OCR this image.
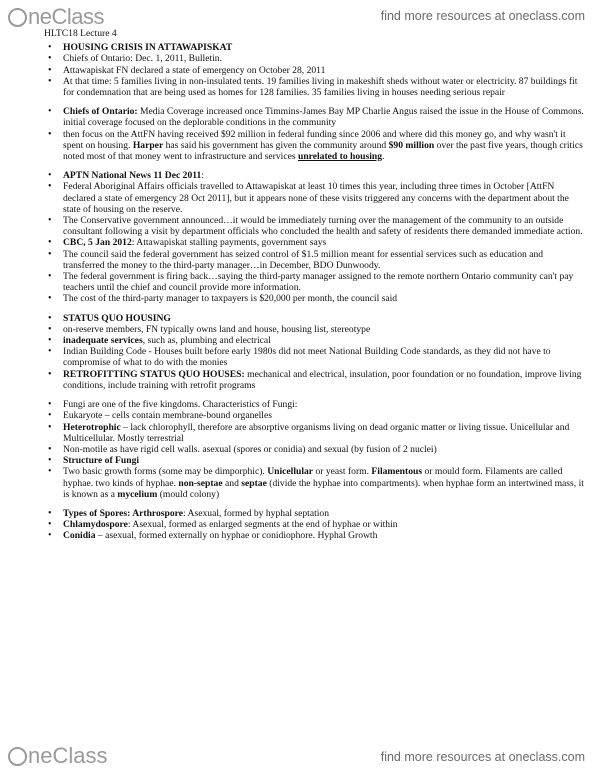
neClass	find more resources at oneclass.com
HLTC18 Lecture 4
• HOUSING CRISIS IN ATTAWAPISKAT
• Chiefs of Ontario: Dec. 1, 2011, Bulletin.
• Attawapiskat FN declared a state of emergency on October 28, 2011
• At that time: 5 families living in non-insulated tents. 19 families living in makeshift sheds without water or electricity. 87 buildings fit for condemnation that are being used as homes for 128 families. 35 families living in houses needing serious repair
• Chiefs of Ontario: Media Coverage increased once Timmins-James Bay MP Charlie Angus raised the issue in the House of Commons. initial coverage focused on the deplorable conditions in the community
• then focus on the AttFN having received $92 million in federal funding since 2006 and where did this money go, and why wasn't it spent on housing. Harper has said his government has given the community around $90 million over the past five years, though critics noted most of that money went to infrastructure and services unrelated to housing.
• APTN National News 11 Dec 2011:
• Federal Aboriginal Affairs officials travelled to Attawapiskat at least 10 times this year, including three times in October [AttFN declared a state of emergency 28 Oct 2011], but it appears none of these visits triggered any concerns with the department about the state of housing on the reserve.
• The Conservative government announced…it would be immediately turning over the management of the community to an outside consultant following a visit by department officials who concluded the health and safety of residents there demanded immediate action.
• CBC, 5 Jan 2012: Attawapiskat stalling payments, government says
• The council said the federal government has seized control of $1.5 million meant for essential services such as education and transferred the money to the third-party manager…in December, BDO Dunwoody.
• The federal government is firing back…saying the third-party manager assigned to the remote northern Ontario community can't pay teachers until the chief and council provide more information.
• The cost of the third-party manager to taxpayers is $20,000 per month, the council said
• STATUS QUO HOUSING
• on-reserve members, FN typically owns land and house, housing list, stereotype
• inadequate services, such as, plumbing and electrical
• Indian Building Code - Houses built before early 1980s did not meet National Building Code standards, as they did not have to compromise of what to do with the monies
• RETROFITTING STATUS QUO HOUSES: mechanical and electrical, insulation, poor foundation or no foundation, improve living conditions, include training with retrofit programs
• Fungi are one of the five kingdoms. Characteristics of Fungi:
• Eukaryote – cells contain membrane-bound organelles
• Heterotrophic – lack chlorophyll, therefore are absorptive organisms living on dead organic matter or living tissue. Unicellular and Multicellular. Mostly terrestrial
• Non-motile as have rigid cell walls. asexual (spores or conidia) and sexual (by fusion of 2 nuclei)
• Structure of Fungi
• Two basic growth forms (some may be dimporphic). Unicellular or yeast form. Filamentous or mould form. Filaments are called hyphae. two kinds of hyphae. non-septae and septae (divide the hyphae into compartments). when hyphae form an intertwined mass, it is known as a mycelium (mould colony)
• Types of Spores: Arthrospore: Asexual, formed by hyphal septation
• Chlamydospore: Asexual, formed as enlarged segments at the end of hyphae or within
• Conidia – asexual, formed externally on hyphae or conidiophore. Hyphal Growth
neClass	find more resources at oneclass.com
